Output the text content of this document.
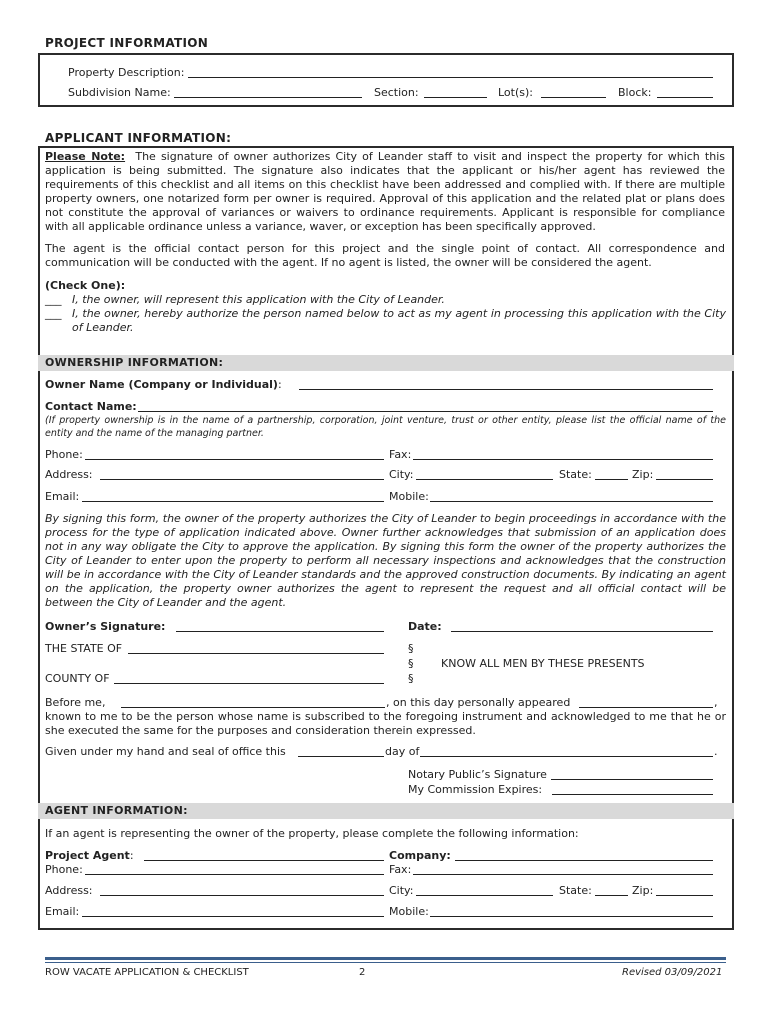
PROJECT INFORMATION
Property Description:
Subdivision Name:	Section:	Lot(s):	Block:
APPLICANT INFORMATION:
Please Note: The signature of owner authorizes City of Leander staff to visit and inspect the property for which this application is being submitted. The signature also indicates that the applicant or his/her agent has reviewed the requirements of this checklist and all items on this checklist have been addressed and complied with. If there are multiple property owners, one notarized form per owner is required. Approval of this application and the related plat or plans does not constitute the approval of variances or waivers to ordinance requirements. Applicant is responsible for compliance with all applicable ordinance unless a variance, waver, or exception has been specifically approved.
The agent is the official contact person for this project and the single point of contact. All correspondence and communication will be conducted with the agent. If no agent is listed, the owner will be considered the agent.
(Check One):
___ I, the owner, will represent this application with the City of Leander.
___ I, the owner, hereby authorize the person named below to act as my agent in processing this application with the City of Leander.
OWNERSHIP INFORMATION:
Owner Name (Company or Individual):
Contact Name:
(If property ownership is in the name of a partnership, corporation, joint venture, trust or other entity, please list the official name of the entity and the name of the managing partner.
Phone:	Fax:
Address:	City:	State:	Zip:
Email:	Mobile:
By signing this form, the owner of the property authorizes the City of Leander to begin proceedings in accordance with the process for the type of application indicated above. Owner further acknowledges that submission of an application does not in any way obligate the City to approve the application. By signing this form the owner of the property authorizes the City of Leander to enter upon the property to perform all necessary inspections and acknowledges that the construction will be in accordance with the City of Leander standards and the approved construction documents. By indicating an agent on the application, the property owner authorizes the agent to represent the request and all official contact will be between the City of Leander and the agent.
Owner’s Signature:	Date:
THE STATE OF	§
§	KNOW ALL MEN BY THESE PRESENTS
COUNTY OF	§
Before me,	, on this day personally appeared	,
known to me to be the person whose name is subscribed to the foregoing instrument and acknowledged to me that he or she executed the same for the purposes and consideration therein expressed.
Given under my hand and seal of office this	day of	.
Notary Public’s Signature
My Commission Expires:
AGENT INFORMATION:
If an agent is representing the owner of the property, please complete the following information:
Project Agent:	Company:
Phone:	Fax:
Address:	City:	State:	Zip:
Email:	Mobile:
ROW VACATE APPLICATION & CHECKLIST	2	Revised 03/09/2021
